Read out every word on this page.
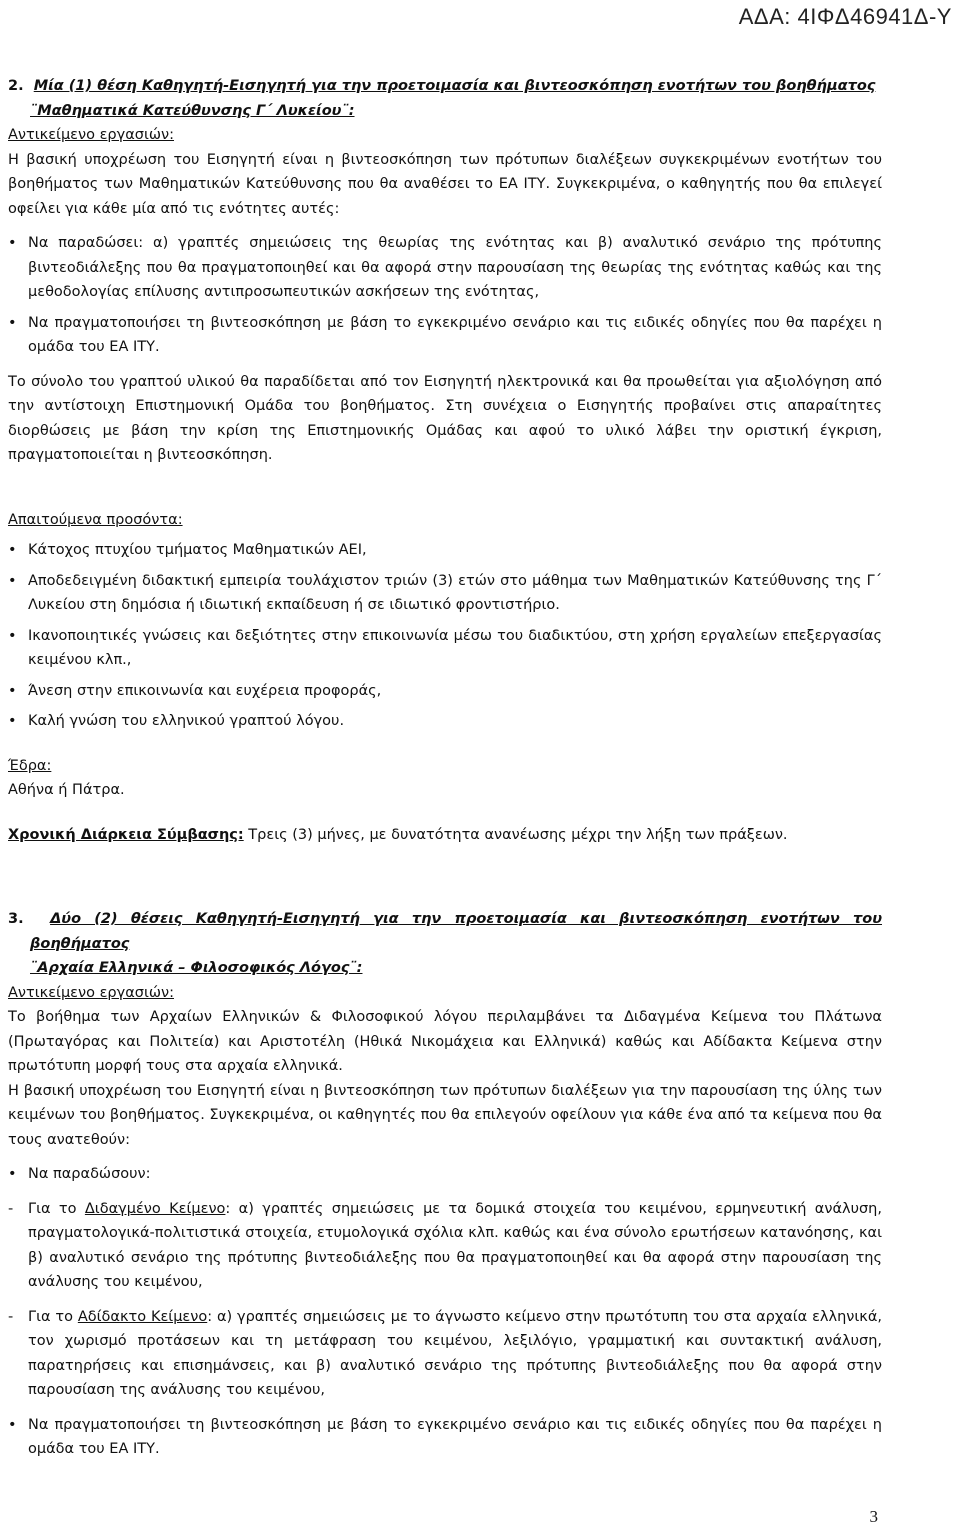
ΑΔΑ: 4ΙΦΔ46941Δ-Υ
2. Μία (1) θέση Καθηγητή-Εισηγητή για την προετοιμασία και βιντεοσκόπηση ενοτήτων του βοηθήματος
¨Μαθηματικά Κατεύθυνσης Γ΄ Λυκείου¨:
Αντικείμενο εργασιών:
Η βασική υποχρέωση του Εισηγητή είναι η βιντεοσκόπηση των πρότυπων διαλέξεων συγκεκριμένων ενοτήτων του βοηθήματος των Μαθηματικών Κατεύθυνσης που θα αναθέσει το ΕΑ ΙΤΥ. Συγκεκριμένα, ο καθηγητής που θα επιλεγεί οφείλει για κάθε μία από τις ενότητες αυτές:
• Να παραδώσει: α) γραπτές σημειώσεις της θεωρίας της ενότητας και β) αναλυτικό σενάριο της πρότυπης βιντεοδιάλεξης που θα πραγματοποιηθεί και θα αφορά στην παρουσίαση της θεωρίας της ενότητας καθώς και της μεθοδολογίας επίλυσης αντιπροσωπευτικών ασκήσεων της ενότητας,
• Να πραγματοποιήσει τη βιντεοσκόπηση με βάση το εγκεκριμένο σενάριο και τις ειδικές οδηγίες που θα παρέχει η ομάδα του ΕΑ ΙΤΥ.
Το σύνολο του γραπτού υλικού θα παραδίδεται από τον Εισηγητή ηλεκτρονικά και θα προωθείται για αξιολόγηση από την αντίστοιχη Επιστημονική Ομάδα του βοηθήματος. Στη συνέχεια ο Εισηγητής προβαίνει στις απαραίτητες διορθώσεις με βάση την κρίση της Επιστημονικής Ομάδας και αφού το υλικό λάβει την οριστική έγκριση, πραγματοποιείται η βιντεοσκόπηση.
Απαιτούμενα προσόντα:
• Κάτοχος πτυχίου τμήματος Μαθηματικών ΑΕΙ,
• Αποδεδειγμένη διδακτική εμπειρία τουλάχιστον τριών (3) ετών στο μάθημα των Μαθηματικών Κατεύθυνσης της Γ΄ Λυκείου στη δημόσια ή ιδιωτική εκπαίδευση ή σε ιδιωτικό φροντιστήριο.
• Ικανοποιητικές γνώσεις και δεξιότητες στην επικοινωνία μέσω του διαδικτύου, στη χρήση εργαλείων επεξεργασίας κειμένου κλπ.,
• Άνεση στην επικοινωνία και ευχέρεια προφοράς,
• Καλή γνώση του ελληνικού γραπτού λόγου.
Έδρα:
Αθήνα ή Πάτρα.
Χρονική Διάρκεια Σύμβασης: Τρεις (3) μήνες, με δυνατότητα ανανέωσης μέχρι την λήξη των πράξεων.
3. Δύο (2) θέσεις Καθηγητή-Εισηγητή για την προετοιμασία και βιντεοσκόπηση ενοτήτων του βοηθήματος
¨Αρχαία Ελληνικά – Φιλοσοφικός Λόγος¨:
Αντικείμενο εργασιών:
Το βοήθημα των Αρχαίων Ελληνικών & Φιλοσοφικού λόγου περιλαμβάνει τα Διδαγμένα Κείμενα του Πλάτωνα (Πρωταγόρας και Πολιτεία) και Αριστοτέλη (Ηθικά Νικομάχεια και Ελληνικά) καθώς και Αδίδακτα Κείμενα στην πρωτότυπη μορφή τους στα αρχαία ελληνικά.
Η βασική υποχρέωση του Εισηγητή είναι η βιντεοσκόπηση των πρότυπων διαλέξεων για την παρουσίαση της ύλης των κειμένων του βοηθήματος. Συγκεκριμένα, οι καθηγητές που θα επιλεγούν οφείλουν για κάθε ένα από τα κείμενα που θα τους ανατεθούν:
• Να παραδώσουν:
- Για το Διδαγμένο Κείμενο: α) γραπτές σημειώσεις με τα δομικά στοιχεία του κειμένου, ερμηνευτική ανάλυση, πραγματολογικά-πολιτιστικά στοιχεία, ετυμολογικά σχόλια κλπ. καθώς και ένα σύνολο ερωτήσεων κατανόησης, και β) αναλυτικό σενάριο της πρότυπης βιντεοδιάλεξης που θα πραγματοποιηθεί και θα αφορά στην παρουσίαση της ανάλυσης του κειμένου,
- Για το Αδίδακτο Κείμενο: α) γραπτές σημειώσεις με το άγνωστο κείμενο στην πρωτότυπη του στα αρχαία ελληνικά, τον χωρισμό προτάσεων και τη μετάφραση του κειμένου, λεξιλόγιο, γραμματική και συντακτική ανάλυση, παρατηρήσεις και επισημάνσεις, και β) αναλυτικό σενάριο της πρότυπης βιντεοδιάλεξης που θα αφορά στην παρουσίαση της ανάλυσης του κειμένου,
• Να πραγματοποιήσει τη βιντεοσκόπηση με βάση το εγκεκριμένο σενάριο και τις ειδικές οδηγίες που θα παρέχει η ομάδα του ΕΑ ΙΤΥ.
3
